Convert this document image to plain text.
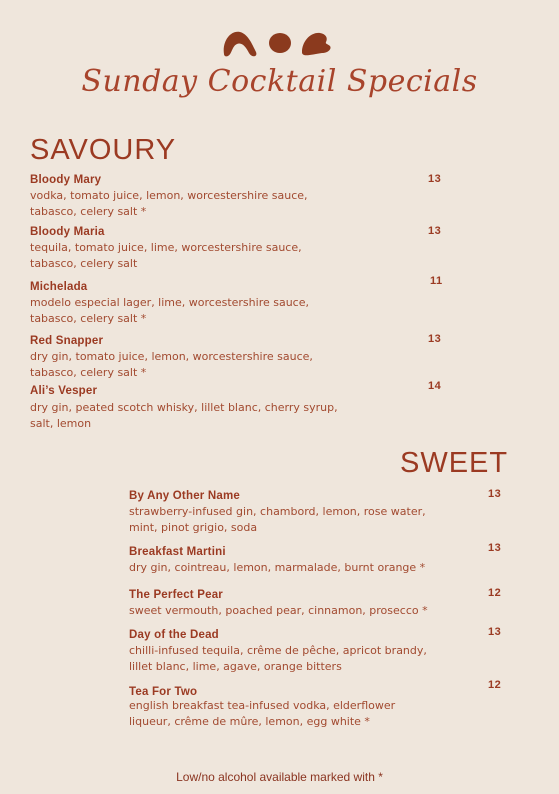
Sunday Cocktail Specials
SAVOURY
Bloody Mary
vodka, tomato juice, lemon, worcestershire sauce,
tabasco, celery salt *
13
Bloody Maria
tequila, tomato juice, lime, worcestershire sauce,
tabasco, celery salt
13
Michelada
modelo especial lager, lime, worcestershire sauce,
tabasco, celery salt *
11
Red Snapper
dry gin, tomato juice, lemon, worcestershire sauce,
tabasco, celery salt *
13
Ali’s Vesper
dry gin, peated scotch whisky, lillet blanc, cherry syrup,
salt, lemon
14
SWEET
By Any Other Name
strawberry-infused gin, chambord, lemon, rose water,
mint, pinot grigio, soda
13
Breakfast Martini
dry gin, cointreau, lemon, marmalade, burnt orange *
13
The Perfect Pear
sweet vermouth, poached pear, cinnamon, prosecco *
12
Day of the Dead
chilli-infused tequila, crême de pêche, apricot brandy,
lillet blanc, lime, agave, orange bitters
13
Tea For Two
english breakfast tea-infused vodka, elderflower
liqueur, crême de mûre, lemon, egg white *
12
Low/no alcohol available marked with *
